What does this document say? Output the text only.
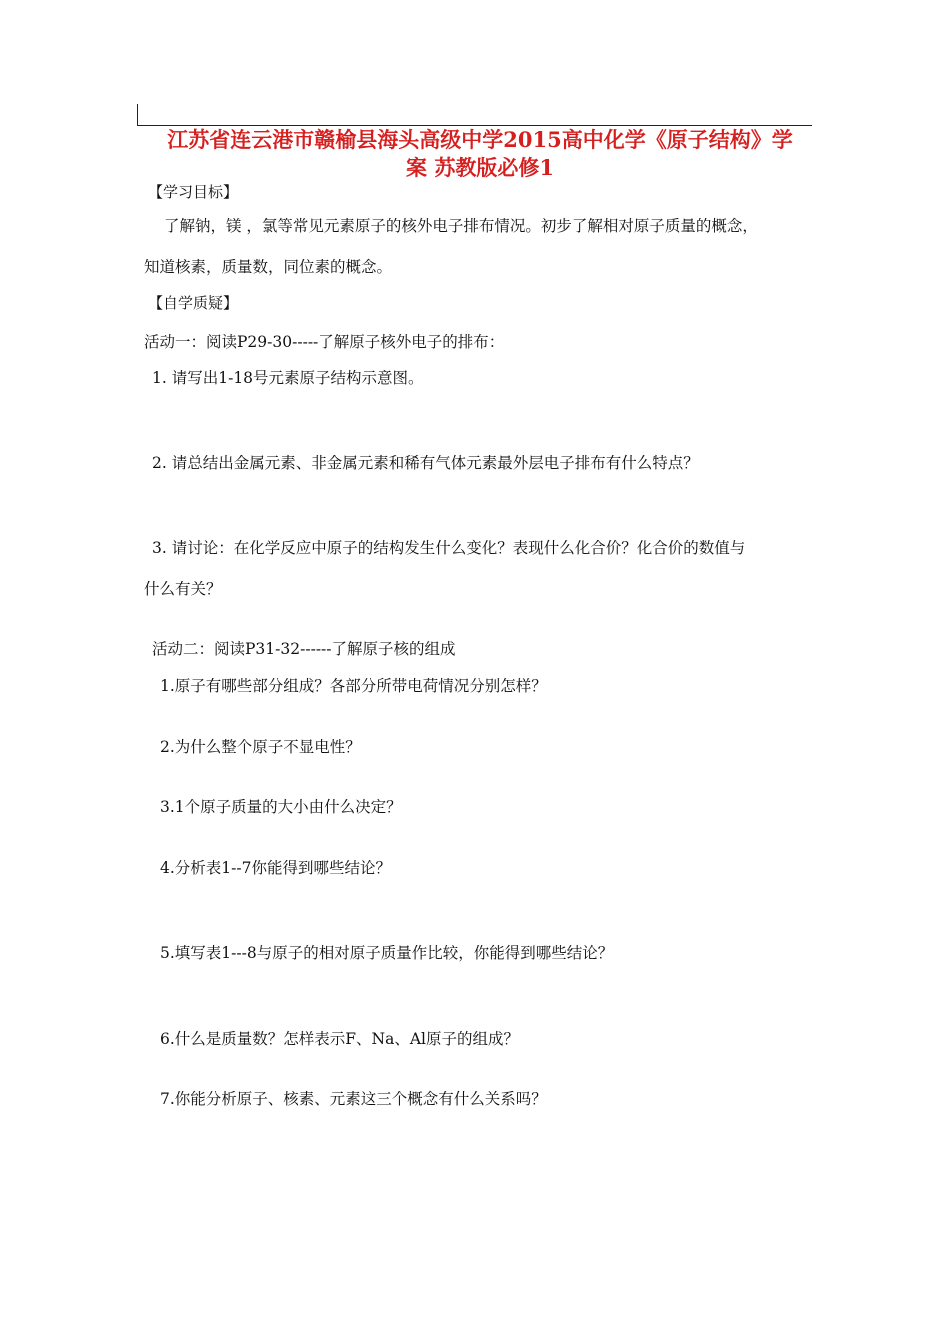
江苏省连云港市赣榆县海头高级中学2015高中化学《原子结构》学
案 苏教版必修1
【学习目标】
了解钠，镁 ，氯等常见元素原子的核外电子排布情况。初步了解相对原子质量的概念，
知道核素，质量数，同位素的概念。
【自学质疑】
活动一：阅读P29-30-----了解原子核外电子的排布：
1. 请写出1-18号元素原子结构示意图。
2. 请总结出金属元素、非金属元素和稀有气体元素最外层电子排布有什么特点？
3. 请讨论：在化学反应中原子的结构发生什么变化？表现什么化合价？化合价的数值与
什么有关？
活动二：阅读P31-32------了解原子核的组成
1.原子有哪些部分组成？各部分所带电荷情况分别怎样？
2.为什么整个原子不显电性？
3.1个原子质量的大小由什么决定？
4.分析表1--7你能得到哪些结论？
5.填写表1---8与原子的相对原子质量作比较，你能得到哪些结论？
6.什么是质量数？怎样表示F、Na、Al原子的组成？
7.你能分析原子、核素、元素这三个概念有什么关系吗？
